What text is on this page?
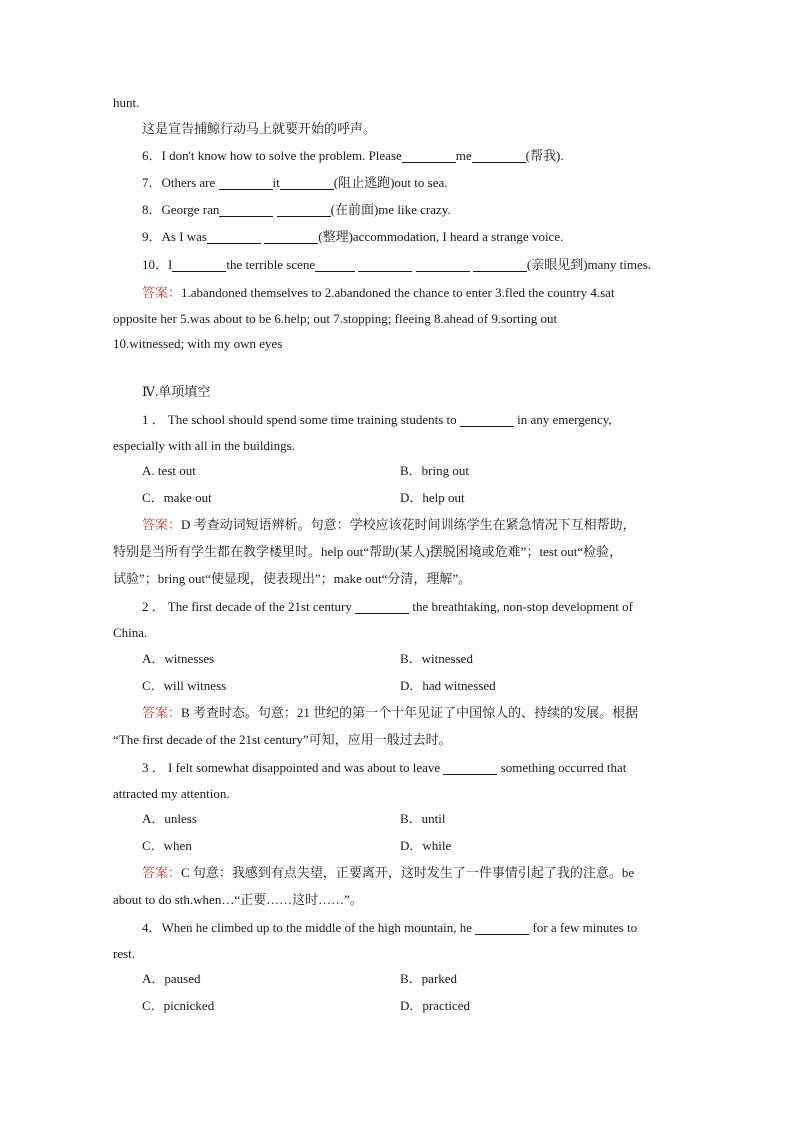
hunt.
这是宣告捕鲸行动马上就要开始的呼声。
6．I don't know how to solve the problem. Please	me	(帮我).
7．Others are	it	(阻止逃跑)out to sea.
8．George ran	(在前面)me like crazy.
9．As I was	(整理)accommodation, I heard a strange voice.
10．I	the terrible scene	(亲眼见到)many times.
答案：1.abandoned themselves to 2.abandoned the chance to enter 3.fled the country 4.sat
opposite her 5.was about to be 6.help; out 7.stopping; fleeing 8.ahead of 9.sorting out
10.witnessed; with my own eyes
Ⅳ.单项填空
1 ． The school should spend some time training students to	in any emergency,
especially with all in the buildings.
A. test out	B．bring out
C．make out	D．help out
答案：D 考查动词短语辨析。句意：学校应该花时间训练学生在紧急情况下互相帮助，
特别是当所有学生都在教学楼里时。help out“帮助(某人)摆脱困境或危难”；test out“检验，
试验”；bring out“使显现，使表现出”；make out“分清，理解”。
2 ． The first decade of the 21st century	the breathtaking, non-stop development of
China.
A．witnesses	B．witnessed
C．will witness	D．had witnessed
答案：B 考查时态。句意：21 世纪的第一个十年见证了中国惊人的、持续的发展。根据
“The first decade of the 21st century”可知，应用一般过去时。
3 ． I felt somewhat disappointed and was about to leave	something occurred that
attracted my attention.
A．unless	B．until
C．when	D．while
答案：C 句意：我感到有点失望，正要离开，这时发生了一件事情引起了我的注意。be
about to do sth.when…“正要……这时……”。
4．When he climbed up to the middle of the high mountain, he	for a few minutes to
rest.
A．paused	B．parked
C．picnicked	D．practiced
